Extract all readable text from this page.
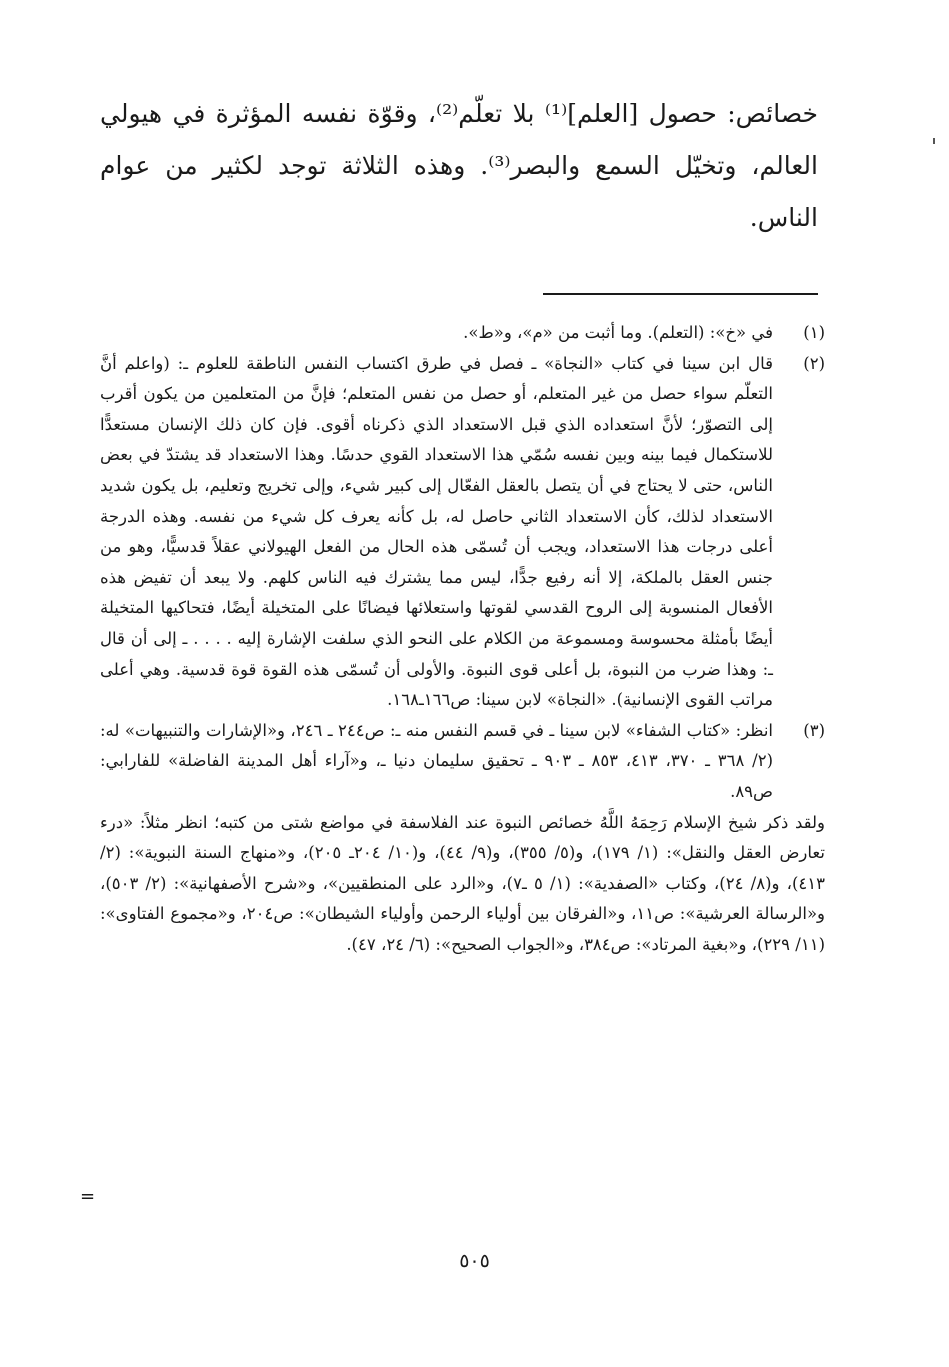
خصائص: حصول [العلم]⁽¹⁾ بلا تعلّم⁽²⁾، وقوّة نفسه المؤثرة في هيولي العالم، وتخيّل السمع والبصر⁽³⁾. وهذه الثلاثة توجد لكثير من عوام الناس.

(١)
في «خ»: (التعلم). وما أثبت من «م»، و«ط».
(٢)
قال ابن سينا في كتاب «النجاة» ـ فصل في طرق اكتساب النفس الناطقة للعلوم ـ: (واعلم أنَّ التعلّم سواء حصل من غير المتعلم، أو حصل من نفس المتعلم؛ فإنَّ من المتعلمين من يكون أقرب إلى التصوّر؛ لأنَّ استعداده الذي قبل الاستعداد الذي ذكرناه أقوى. فإن كان ذلك الإنسان مستعدًّا للاستكمال فيما بينه وبين نفسه سُمّي هذا الاستعداد القوي حدسًا. وهذا الاستعداد قد يشتدّ في بعض الناس، حتى لا يحتاج في أن يتصل بالعقل الفعّال إلى كبير شيء، وإلى تخريج وتعليم، بل يكون شديد الاستعداد لذلك، كأن الاستعداد الثاني حاصل له، بل كأنه يعرف كل شيء من نفسه. وهذه الدرجة أعلى درجات هذا الاستعداد، ويجب أن تُسمّى هذه الحال من الفعل الهيولاني عقلاً قدسيًّا، وهو من جنس العقل بالملكة، إلا أنه رفيع جدًّا، ليس مما يشترك فيه الناس كلهم. ولا يبعد أن تفيض هذه الأفعال المنسوبة إلى الروح القدسي لقوتها واستعلائها فيضانًا على المتخيلة أيضًا، فتحاكيها المتخيلة أيضًا بأمثلة محسوسة ومسموعة من الكلام على النحو الذي سلفت الإشارة إليه . . . . ـ إلى أن قال ـ: وهذا ضرب من النبوة، بل أعلى قوى النبوة. والأولى أن تُسمّى هذه القوة قوة قدسية. وهي أعلى مراتب القوى الإنسانية). «النجاة» لابن سينا: ص١٦٦ـ١٦٨.
(٣)
انظر: «كتاب الشفاء» لابن سينا ـ في قسم النفس منه ـ: ص٢٤٤ ـ ٢٤٦، و«الإشارات والتنبيهات» له: (٢/ ٣٦٨ ـ ٣٧٠، ٤١٣، ٨٥٣ ـ ٩٠٣ ـ تحقيق سليمان دنيا ـ، و«آراء أهل المدينة الفاضلة» للفارابي: ص٨٩.

ولقد ذكر شيخ الإسلام رَحِمَهُ اللَّهُ خصائص النبوة عند الفلاسفة في مواضع شتى من كتبه؛ انظر مثلاً: «درء تعارض العقل والنقل»: (١/ ١٧٩)، و(٥/ ٣٥٥)، و(٩/ ٤٤)، و(١٠/ ٢٠٤ـ ٢٠٥)، و«منهاج السنة النبوية»: (٢/ ٤١٣)، و(٨/ ٢٤)، وكتاب «الصفدية»: (١/ ٥ ـ٧)، و«الرد على المنطقيين»، و«شرح الأصفهانية»: (٢/ ٥٠٣)، و«الرسالة العرشية»: ص١١، و«الفرقان بين أولياء الرحمن وأولياء الشيطان»: ص٢٠٤، و«مجموع الفتاوى»: (١١/ ٢٢٩)، و«بغية المرتاد»: ص٣٨٤، و«الجواب الصحيح»: (٦/ ٢٤، ٤٧).

=
٥٠٥
